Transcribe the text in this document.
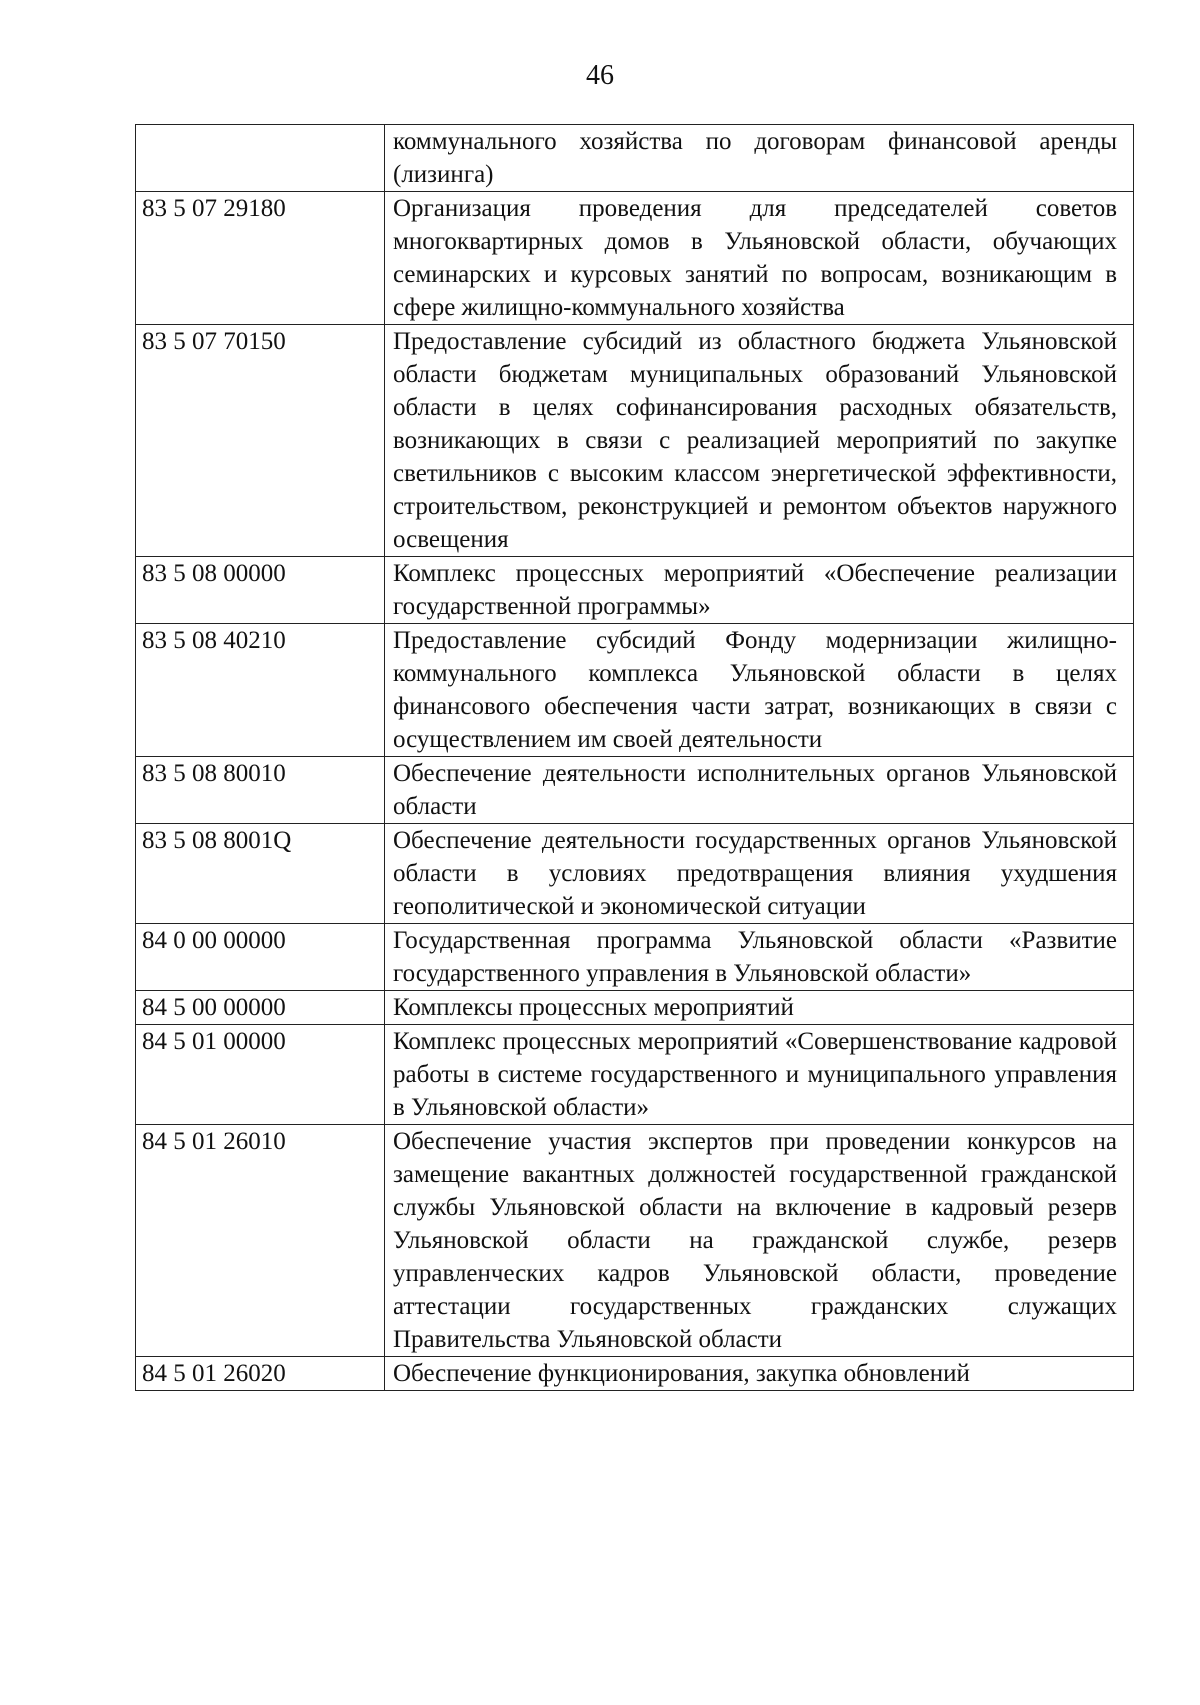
46
	коммунального хозяйства по договорам финансовой аренды (лизинга)
83 5 07 29180	Организация проведения для председателей советов многоквартирных домов в Ульяновской области, обучающих семинарских и курсовых занятий по вопросам, возникающим в сфере жилищно-коммунального хозяйства
83 5 07 70150	Предоставление субсидий из областного бюджета Ульяновской области бюджетам муниципальных образований Ульяновской области в целях софинансирования расходных обязательств, возникающих в связи с реализацией мероприятий по закупке светильников с высоким классом энергетической эффективности, строительством, реконструкцией и ремонтом объектов наружного освещения
83 5 08 00000	Комплекс процессных мероприятий «Обеспечение реализации государственной программы»
83 5 08 40210	Предоставление субсидий Фонду модернизации жилищно-коммунального комплекса Ульяновской области в целях финансового обеспечения части затрат, возникающих в связи с осуществлением им своей деятельности
83 5 08 80010	Обеспечение деятельности исполнительных органов Ульяновской области
83 5 08 8001Q	Обеспечение деятельности государственных органов Ульяновской области в условиях предотвращения влияния ухудшения геополитической и экономической ситуации
84 0 00 00000	Государственная программа Ульяновской области «Развитие государственного управления в Ульяновской области»
84 5 00 00000	Комплексы процессных мероприятий
84 5 01 00000	Комплекс процессных мероприятий «Совершенствование кадровой работы в системе государственного и муниципального управления в Ульяновской области»
84 5 01 26010	Обеспечение участия экспертов при проведении конкурсов на замещение вакантных должностей государственной гражданской службы Ульяновской области на включение в кадровый резерв Ульяновской области на гражданской службе, резерв управленческих кадров Ульяновской области, проведение аттестации государственных гражданских служащих Правительства Ульяновской области
84 5 01 26020	Обеспечение функционирования, закупка обновлений
